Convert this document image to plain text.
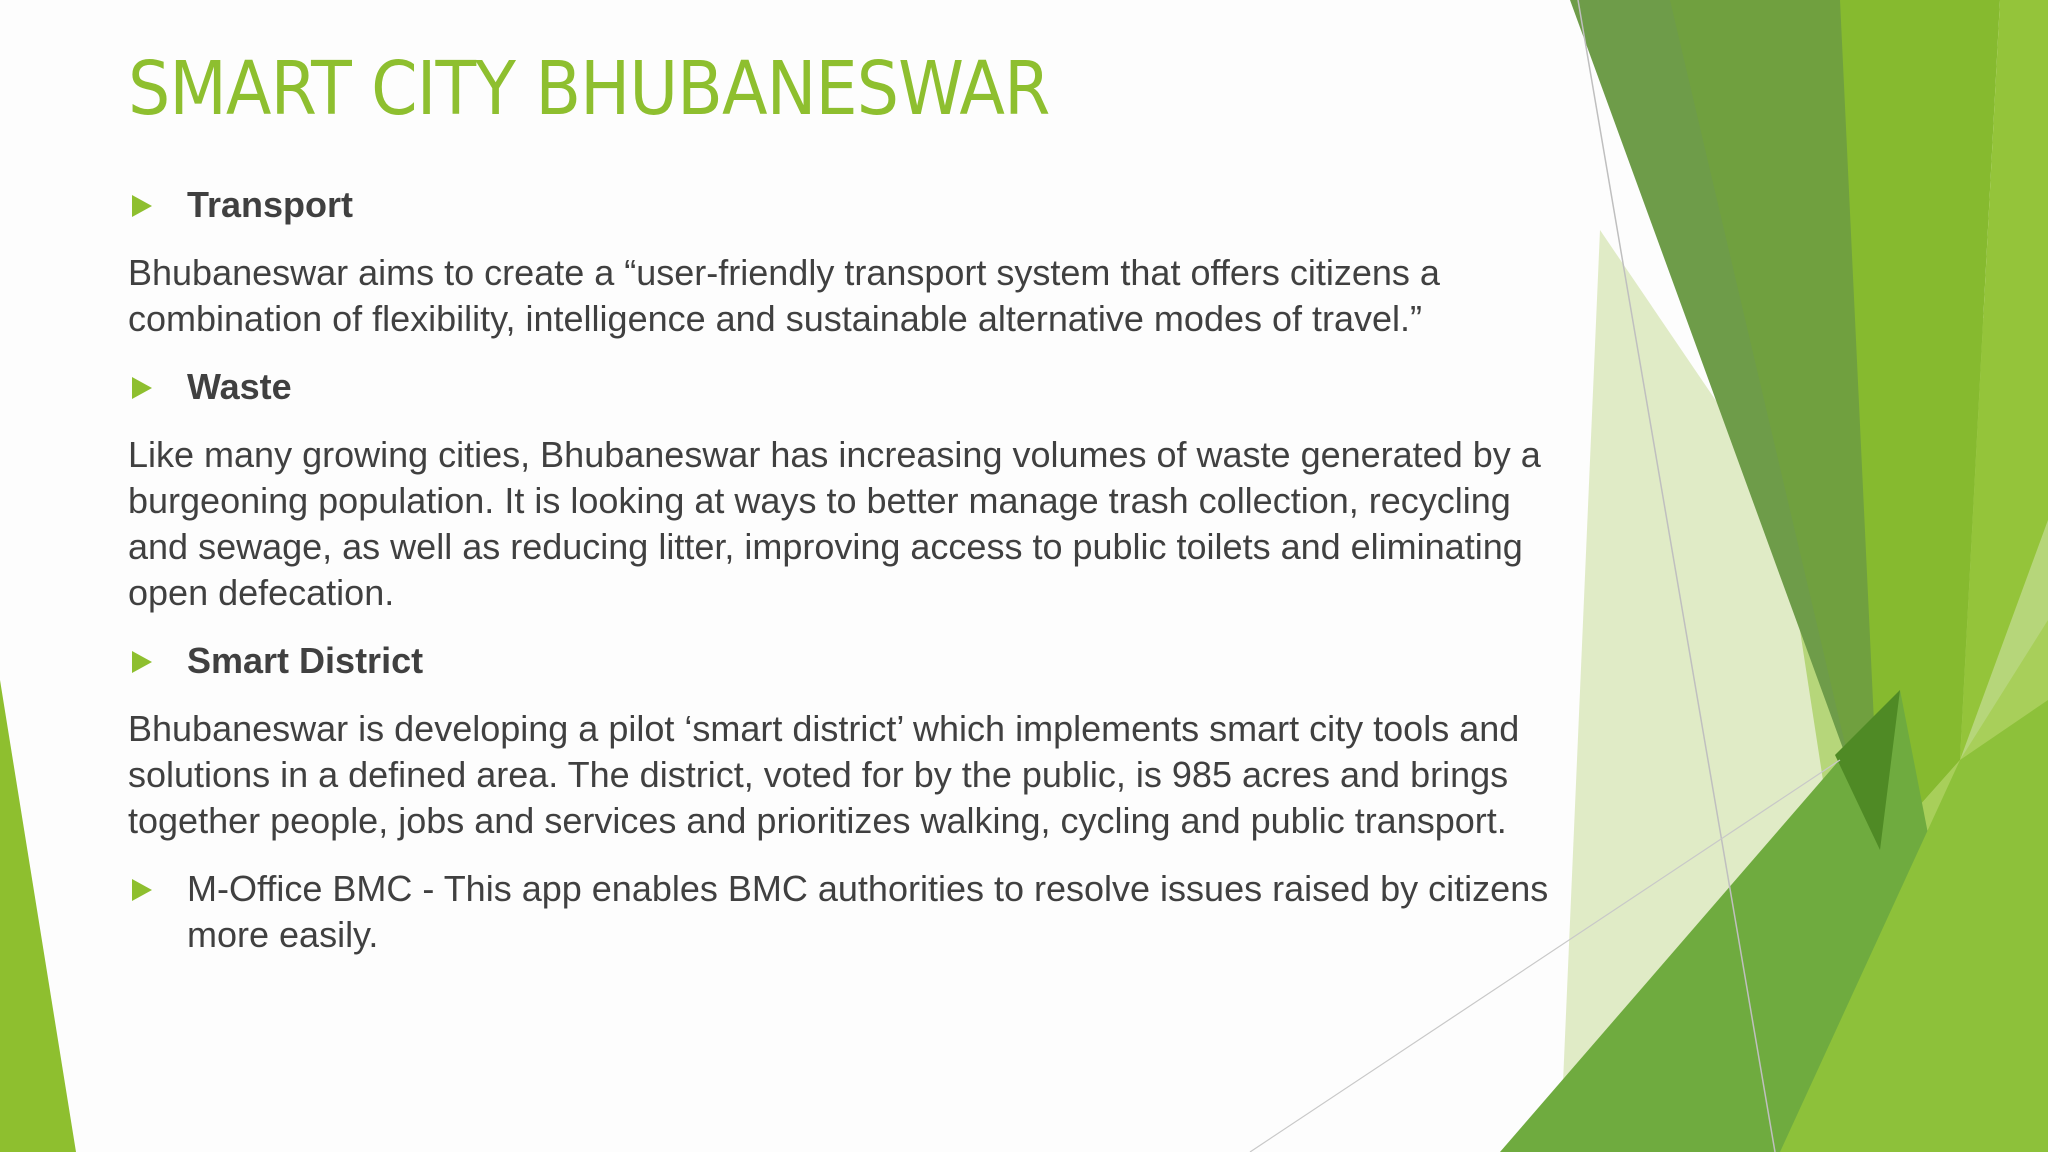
SMART CITY BHUBANESWAR

Transport

Bhubaneswar aims to create a “user-friendly transport system that offers citizens a combination of flexibility, intelligence and sustainable alternative modes of travel.”

Waste

Like many growing cities, Bhubaneswar has increasing volumes of waste generated by a burgeoning population. It is looking at ways to better manage trash collection, recycling and sewage, as well as reducing litter, improving access to public toilets and eliminating open defecation.

Smart District

Bhubaneswar is developing a pilot ‘smart district’ which implements smart city tools and solutions in a defined area. The district, voted for by the public, is 985 acres and brings together people, jobs and services and prioritizes walking, cycling and public transport.

M-Office BMC - This app enables BMC authorities to resolve issues raised by citizens more easily.
